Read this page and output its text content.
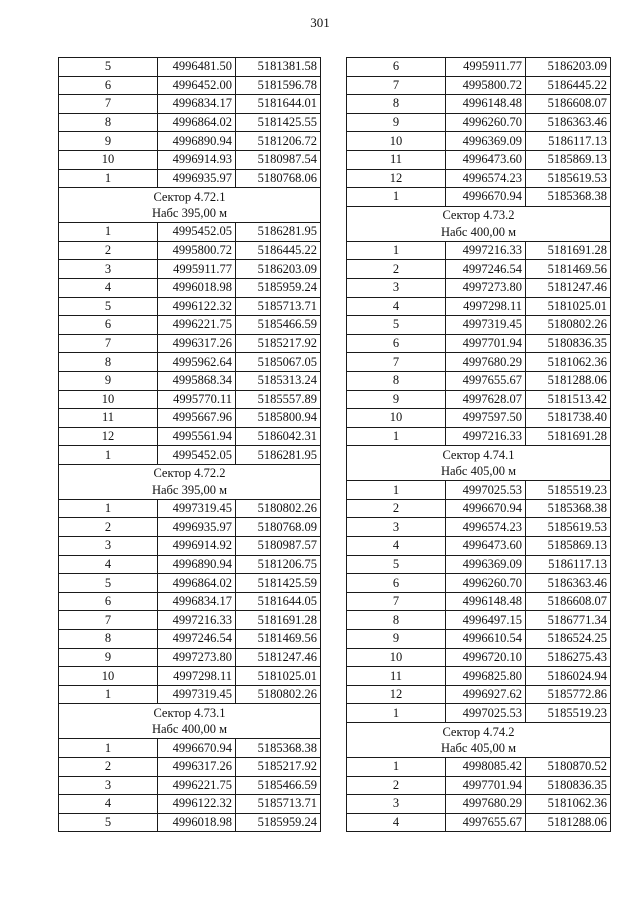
301
5	4996481.50	5181381.58
6	4996452.00	5181596.78
7	4996834.17	5181644.01
8	4996864.02	5181425.55
9	4996890.94	5181206.72
10	4996914.93	5180987.54
1	4996935.97	5180768.06

Сектор 4.72.1
Набс 395,00 м		

1	4995452.05	5186281.95
2	4995800.72	5186445.22
3	4995911.77	5186203.09
4	4996018.98	5185959.24
5	4996122.32	5185713.71
6	4996221.75	5185466.59
7	4996317.26	5185217.92
8	4995962.64	5185067.05
9	4995868.34	5185313.24
10	4995770.11	5185557.89
11	4995667.96	5185800.94
12	4995561.94	5186042.31
1	4995452.05	5186281.95

Сектор 4.72.2
Набс 395,00 м		

1	4997319.45	5180802.26
2	4996935.97	5180768.09
3	4996914.92	5180987.57
4	4996890.94	5181206.75
5	4996864.02	5181425.59
6	4996834.17	5181644.05
7	4997216.33	5181691.28
8	4997246.54	5181469.56
9	4997273.80	5181247.46
10	4997298.11	5181025.01
1	4997319.45	5180802.26

Сектор 4.73.1
Набс 400,00 м		

1	4996670.94	5185368.38
2	4996317.26	5185217.92
3	4996221.75	5185466.59
4	4996122.32	5185713.71
5	4996018.98	5185959.24
6	4995911.77	5186203.09
7	4995800.72	5186445.22
8	4996148.48	5186608.07
9	4996260.70	5186363.46
10	4996369.09	5186117.13
11	4996473.60	5185869.13
12	4996574.23	5185619.53
1	4996670.94	5185368.38

Сектор 4.73.2
Набс 400,00 м		

1	4997216.33	5181691.28
2	4997246.54	5181469.56
3	4997273.80	5181247.46
4	4997298.11	5181025.01
5	4997319.45	5180802.26
6	4997701.94	5180836.35
7	4997680.29	5181062.36
8	4997655.67	5181288.06
9	4997628.07	5181513.42
10	4997597.50	5181738.40
1	4997216.33	5181691.28

Сектор 4.74.1
Набс 405,00 м		

1	4997025.53	5185519.23
2	4996670.94	5185368.38
3	4996574.23	5185619.53
4	4996473.60	5185869.13
5	4996369.09	5186117.13
6	4996260.70	5186363.46
7	4996148.48	5186608.07
8	4996497.15	5186771.34
9	4996610.54	5186524.25
10	4996720.10	5186275.43
11	4996825.80	5186024.94
12	4996927.62	5185772.86
1	4997025.53	5185519.23

Сектор 4.74.2
Набс 405,00 м		

1	4998085.42	5180870.52
2	4997701.94	5180836.35
3	4997680.29	5181062.36
4	4997655.67	5181288.06
